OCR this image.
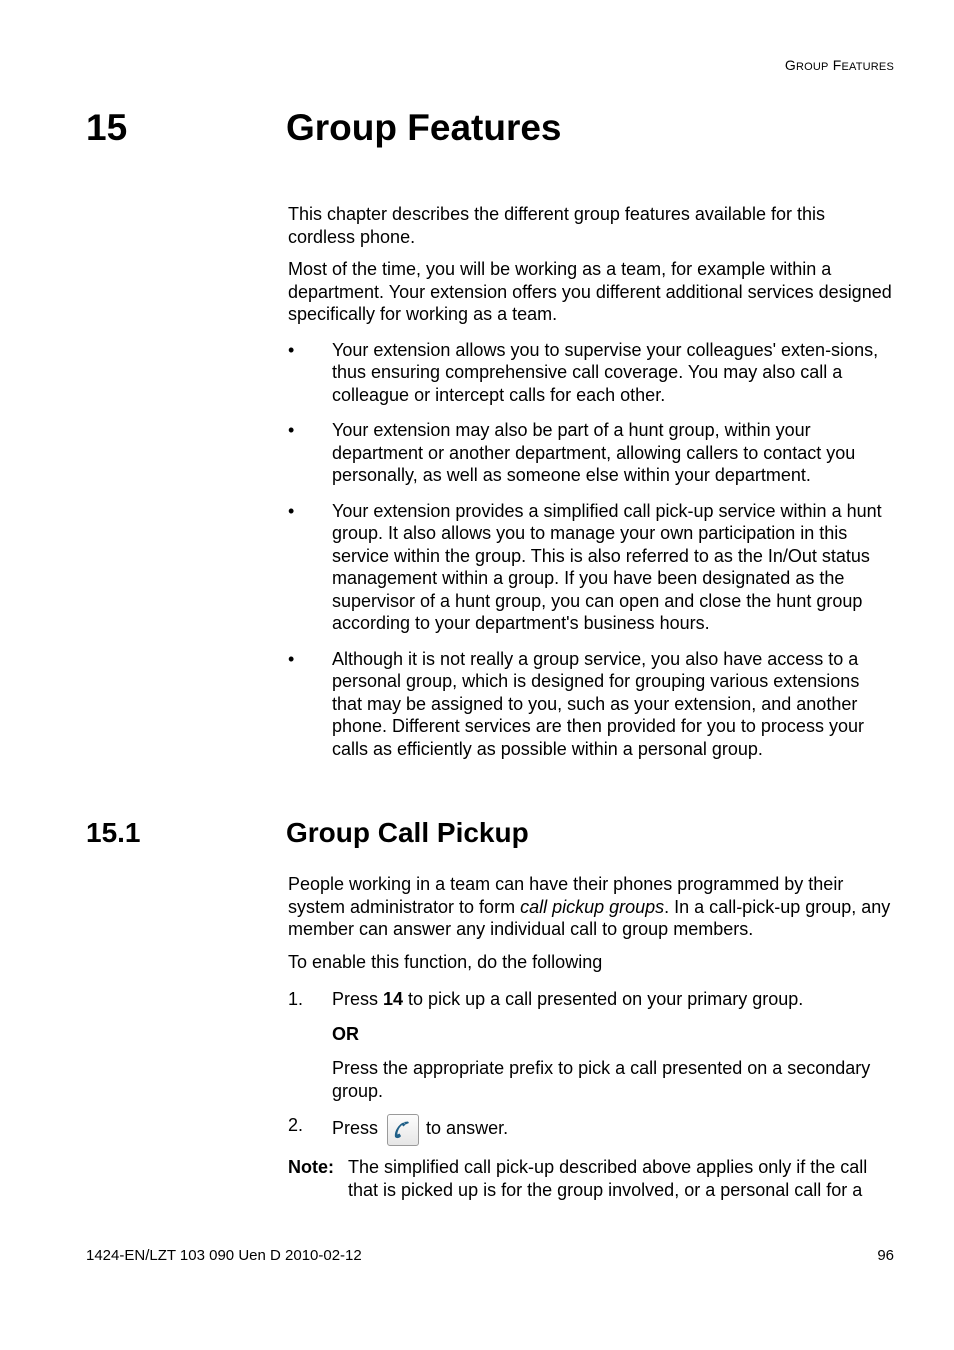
GROUP FEATURES
15	Group Features

This chapter describes the different group features available for this cordless phone.

Most of the time, you will be working as a team, for example within a department. Your extension offers you different additional services designed specifically for working as a team.

• Your extension allows you to supervise your colleagues' exten-sions, thus ensuring comprehensive call coverage. You may also call a colleague or intercept calls for each other.
• Your extension may also be part of a hunt group, within your department or another department, allowing callers to contact you personally, as well as someone else within your department.
• Your extension provides a simplified call pick-up service within a hunt group. It also allows you to manage your own participation in this service within the group. This is also referred to as the In/Out status management within a group. If you have been designated as the supervisor of a hunt group, you can open and close the hunt group according to your department's business hours.
• Although it is not really a group service, you also have access to a personal group, which is designed for grouping various extensions that may be assigned to you, such as your extension, and another phone. Different services are then provided for you to process your calls as efficiently as possible within a personal group.
15.1	Group Call Pickup

People working in a team can have their phones programmed by their system administrator to form call pickup groups. In a call-pick-up group, any member can answer any individual call to group members.

To enable this function, do the following

1. Press 14 to pick up a call presented on your primary group.
OR
Press the appropriate prefix to pick a call presented on a secondary group.
2. Press	to answer.
Note: The simplified call pick-up described above applies only if the call that is picked up is for the group involved, or a personal call for a
1424-EN/LZT 103 090 Uen D 2010-02-12	96
